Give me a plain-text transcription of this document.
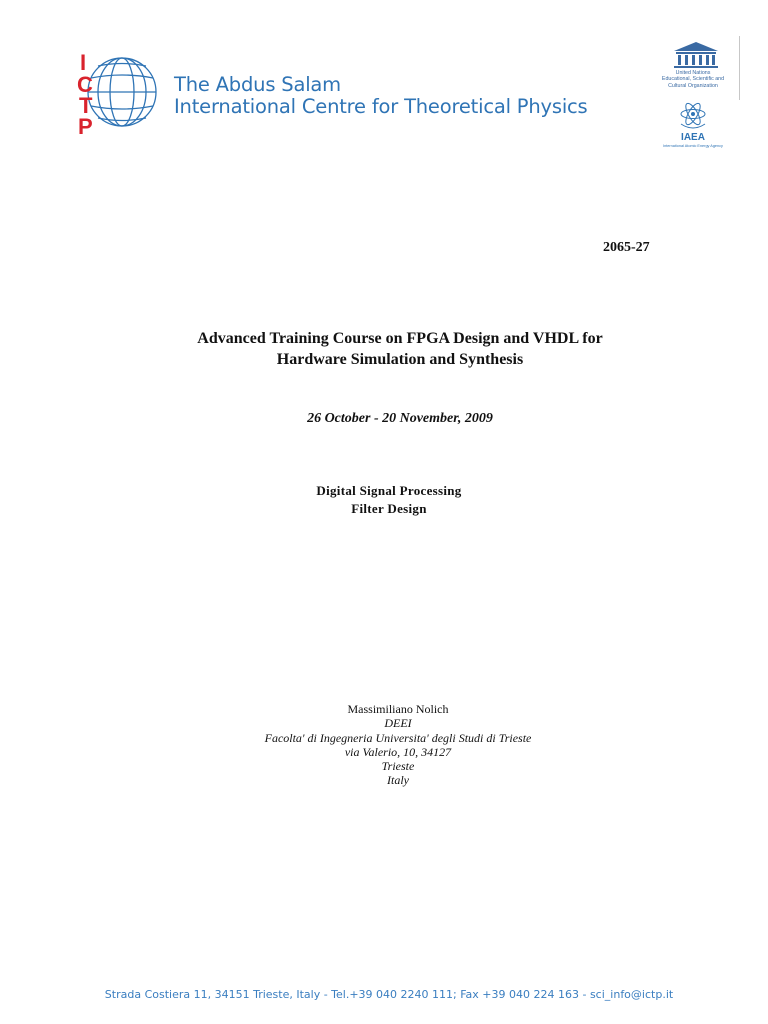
I
C
T
P
The Abdus Salam
International Centre for Theoretical Physics
United Nations
Educational, Scientific and
Cultural Organization
IAEA
International Atomic Energy Agency
2065-27
Advanced Training Course on FPGA Design and VHDL for
Hardware Simulation and Synthesis
26 October - 20 November, 2009
Digital Signal Processing
Filter Design
Massimiliano Nolich
DEEI
Facolta' di Ingegneria Universita' degli Studi di Trieste
via Valerio, 10, 34127
Trieste
Italy
Strada Costiera 11, 34151 Trieste, Italy - Tel.+39 040 2240 111; Fax +39 040 224 163 - sci_info@ictp.it
